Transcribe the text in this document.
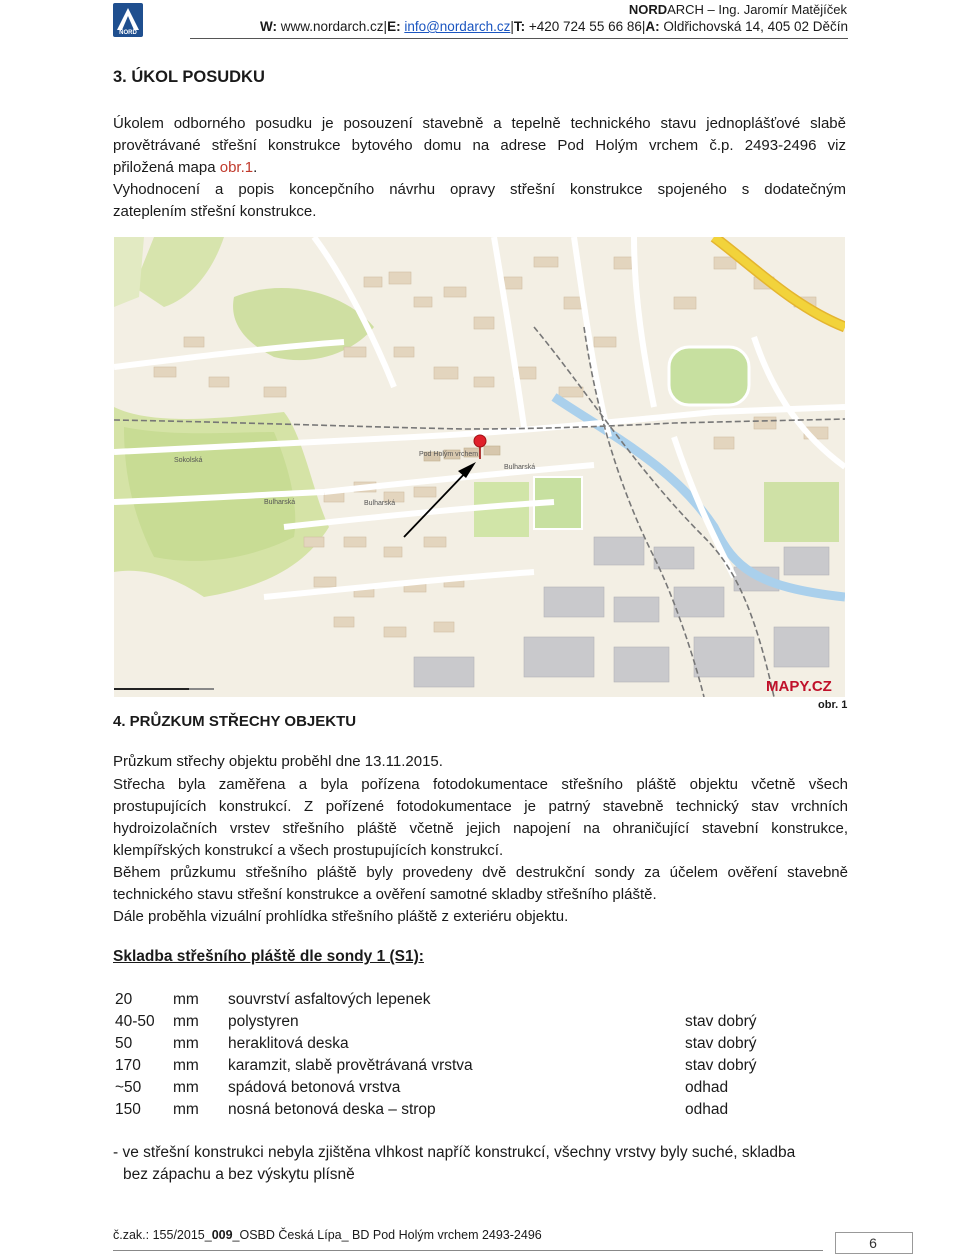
NORD
NORDARCH – Ing. Jaromír Matějíček
W: www.nordarch.cz|E: info@nordarch.cz|T: +420 724 55 66 86|A: Oldřichovská 14, 405 02 Děčín
3. ÚKOL POSUDKU
Úkolem odborného posudku je posouzení stavebně a tepelně technického stavu jednoplášťové slabě
provětrávané střešní konstrukce bytového domu na adrese Pod Holým vrchem č.p. 2493-2496 viz
přiložená mapa obr.1.
Vyhodnocení a popis koncepčního návrhu opravy střešní konstrukce spojeného s dodatečným
zateplením střešní konstrukce.
Pod Holým vrchem
Bulharská
Bulharská
Sokolská
Bulharská
MAPY.CZ
obr. 1
4. PRŮZKUM STŘECHY OBJEKTU
Průzkum střechy objektu proběhl dne 13.11.2015.
Střecha byla zaměřena a byla pořízena fotodokumentace střešního pláště objektu včetně všech
prostupujících konstrukcí. Z pořízené fotodokumentace je patrný stavebně technický stav vrchních
hydroizolačních vrstev střešního pláště včetně jejich napojení na ohraničující stavební konstrukce,
klempířských konstrukcí a všech prostupujících konstrukcí.
Během průzkumu střešního pláště byly provedeny dvě destrukční sondy za účelem ověření stavebně
technického stavu střešní konstrukce a ověření samotné skladby střešního pláště.
Dále proběhla vizuální prohlídka střešního pláště z exteriéru objektu.
Skladba střešního pláště dle sondy 1 (S1):
20	mm souvrství asfaltových lepenek
40-50 mm polystyren	stav dobrý
50	mm heraklitová deska	stav dobrý
170 mm karamzit, slabě provětrávaná vrstva	stav dobrý
~50 mm spádová betonová vrstva	odhad
150 mm nosná betonová deska – strop	odhad
- ve střešní konstrukci nebyla zjištěna vlhkost napříč konstrukcí, všechny vrstvy byly suché, skladba
bez zápachu a bez výskytu plísně
č.zak.: 155/2015_009_OSBD Česká Lípa_ BD Pod Holým vrchem 2493-2496	6
